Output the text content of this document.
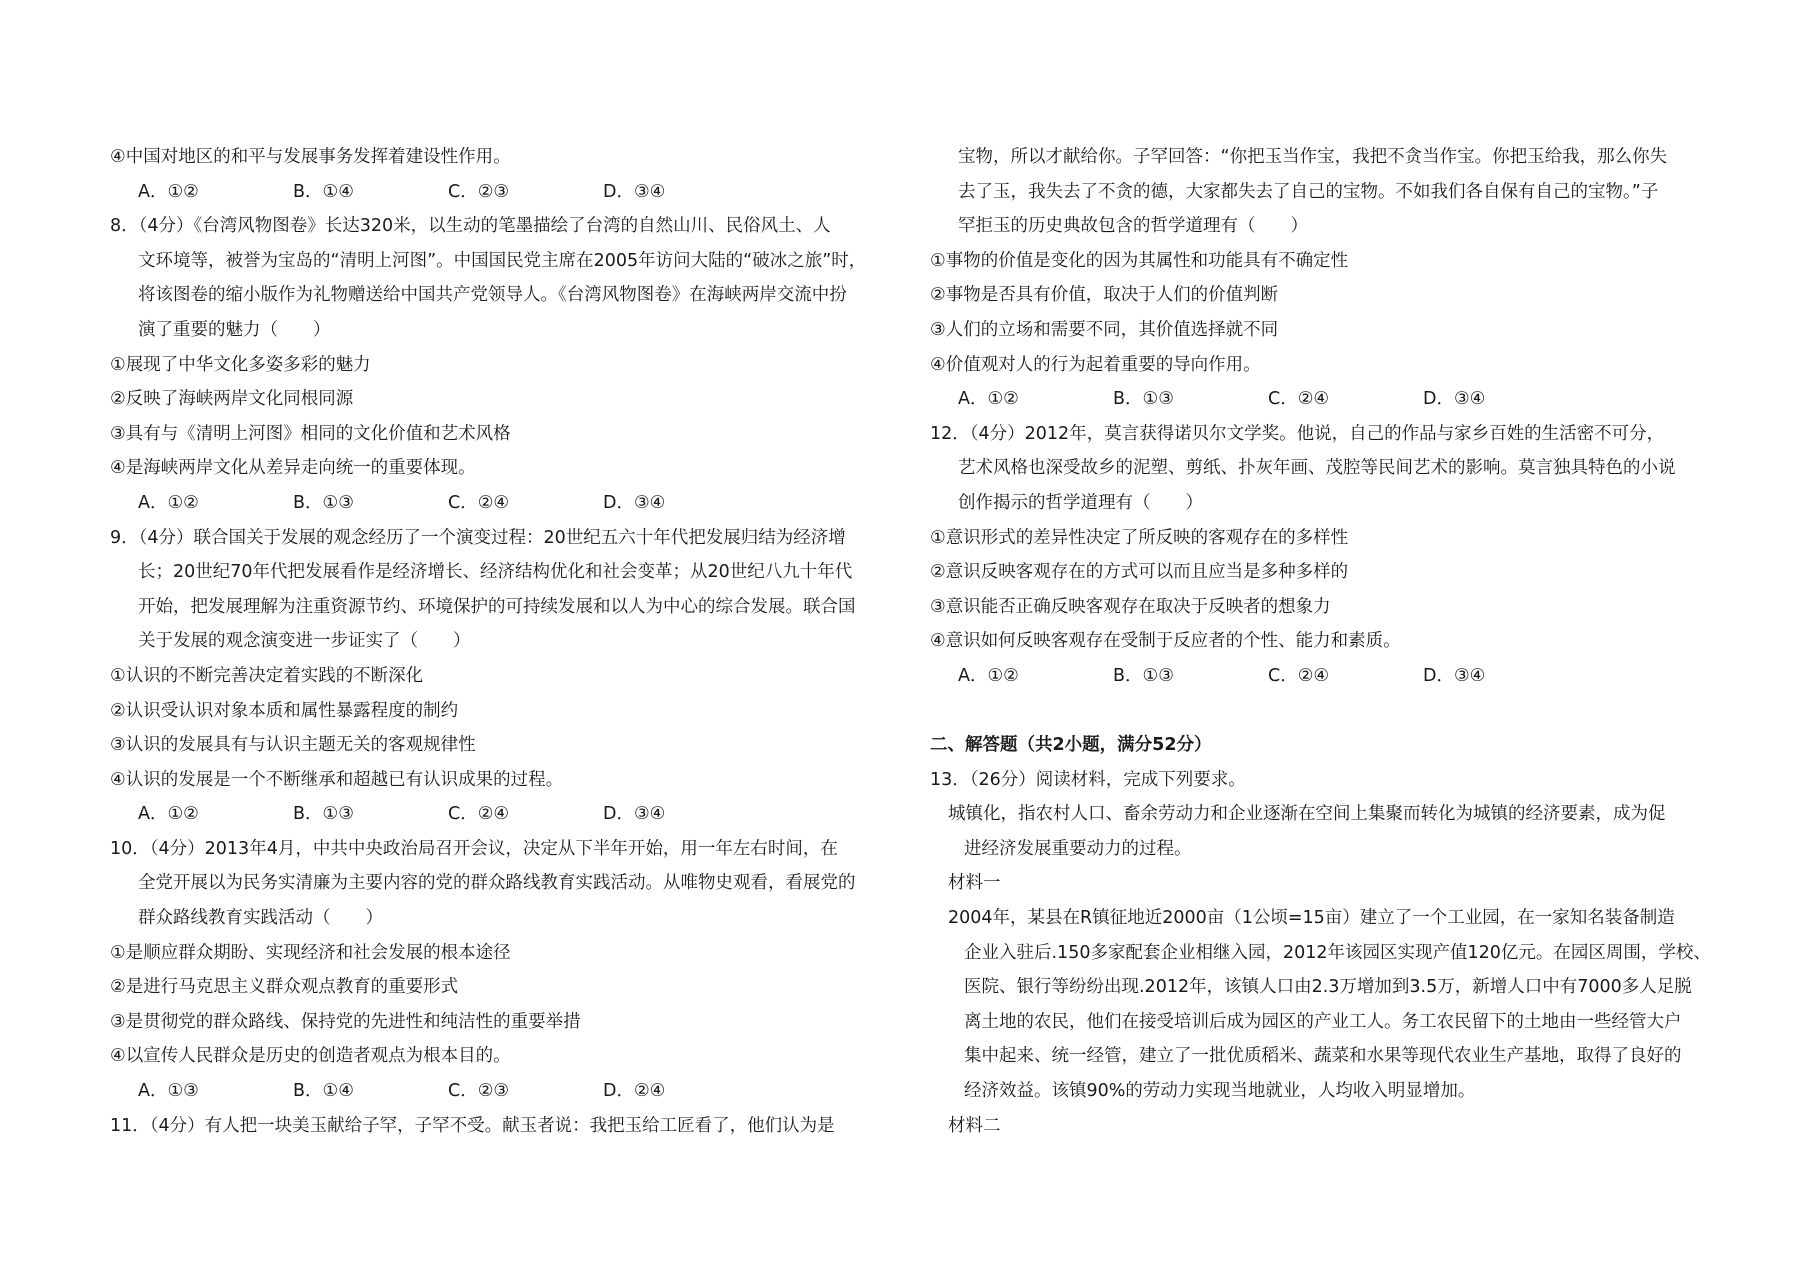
④中国对地区的和平与发展事务发挥着建设性作用。
A．①②	B．①④	C．②③	D．③④
8．（4分）《台湾风物图卷》长达320米，以生动的笔墨描绘了台湾的自然山川、民俗风土、人
文环境等，被誉为宝岛的“清明上河图”。中国国民党主席在2005年访问大陆的“破冰之旅”时，
将该图卷的缩小版作为礼物赠送给中国共产党领导人。《台湾风物图卷》在海峡两岸交流中扮
演了重要的魅力（　　）
①展现了中华文化多姿多彩的魅力
②反映了海峡两岸文化同根同源
③具有与《清明上河图》相同的文化价值和艺术风格
④是海峡两岸文化从差异走向统一的重要体现。
A．①②	B．①③	C．②④	D．③④
9．（4分）联合国关于发展的观念经历了一个演变过程：20世纪五六十年代把发展归结为经济增
长；20世纪70年代把发展看作是经济增长、经济结构优化和社会变革；从20世纪八九十年代
开始，把发展理解为注重资源节约、环境保护的可持续发展和以人为中心的综合发展。联合国
关于发展的观念演变进一步证实了（　　）
①认识的不断完善决定着实践的不断深化
②认识受认识对象本质和属性暴露程度的制约
③认识的发展具有与认识主题无关的客观规律性
④认识的发展是一个不断继承和超越已有认识成果的过程。
A．①②	B．①③	C．②④	D．③④
10．（4分）2013年4月，中共中央政治局召开会议，决定从下半年开始，用一年左右时间，在
全党开展以为民务实清廉为主要内容的党的群众路线教育实践活动。从唯物史观看，看展党的
群众路线教育实践活动（　　）
①是顺应群众期盼、实现经济和社会发展的根本途径
②是进行马克思主义群众观点教育的重要形式
③是贯彻党的群众路线、保持党的先进性和纯洁性的重要举措
④以宣传人民群众是历史的创造者观点为根本目的。
A．①③	B．①④	C．②③	D．②④
11．（4分）有人把一块美玉献给子罕，子罕不受。献玉者说：我把玉给工匠看了，他们认为是
宝物，所以才献给你。子罕回答：“你把玉当作宝，我把不贪当作宝。你把玉给我，那么你失
去了玉，我失去了不贪的德，大家都失去了自己的宝物。不如我们各自保有自己的宝物。”子
罕拒玉的历史典故包含的哲学道理有（　　）
①事物的价值是变化的因为其属性和功能具有不确定性
②事物是否具有价值，取决于人们的价值判断
③人们的立场和需要不同，其价值选择就不同
④价值观对人的行为起着重要的导向作用。
A．①②	B．①③	C．②④	D．③④
12．（4分）2012年，莫言获得诺贝尔文学奖。他说，自己的作品与家乡百姓的生活密不可分，
艺术风格也深受故乡的泥塑、剪纸、扑灰年画、茂腔等民间艺术的影响。莫言独具特色的小说
创作揭示的哲学道理有（　　）
①意识形式的差异性决定了所反映的客观存在的多样性
②意识反映客观存在的方式可以而且应当是多种多样的
③意识能否正确反映客观存在取决于反映者的想象力
④意识如何反映客观存在受制于反应者的个性、能力和素质。
A．①②	B．①③	C．②④	D．③④
二、解答题（共2小题，满分52分）
13．（26分）阅读材料，完成下列要求。
城镇化，指农村人口、畜余劳动力和企业逐渐在空间上集聚而转化为城镇的经济要素，成为促
进经济发展重要动力的过程。
材料一
2004年，某县在R镇征地近2000亩（1公顷=15亩）建立了一个工业园，在一家知名装备制造
企业入驻后.150多家配套企业相继入园，2012年该园区实现产值120亿元。在园区周围，学校、
医院、银行等纷纷出现.2012年，该镇人口由2.3万增加到3.5万，新增人口中有7000多人足脱
离土地的农民，他们在接受培训后成为园区的产业工人。务工农民留下的土地由一些经管大户
集中起来、统一经管，建立了一批优质稻米、蔬菜和水果等现代农业生产基地，取得了良好的
经济效益。该镇90%的劳动力实现当地就业，人均收入明显增加。
材料二
